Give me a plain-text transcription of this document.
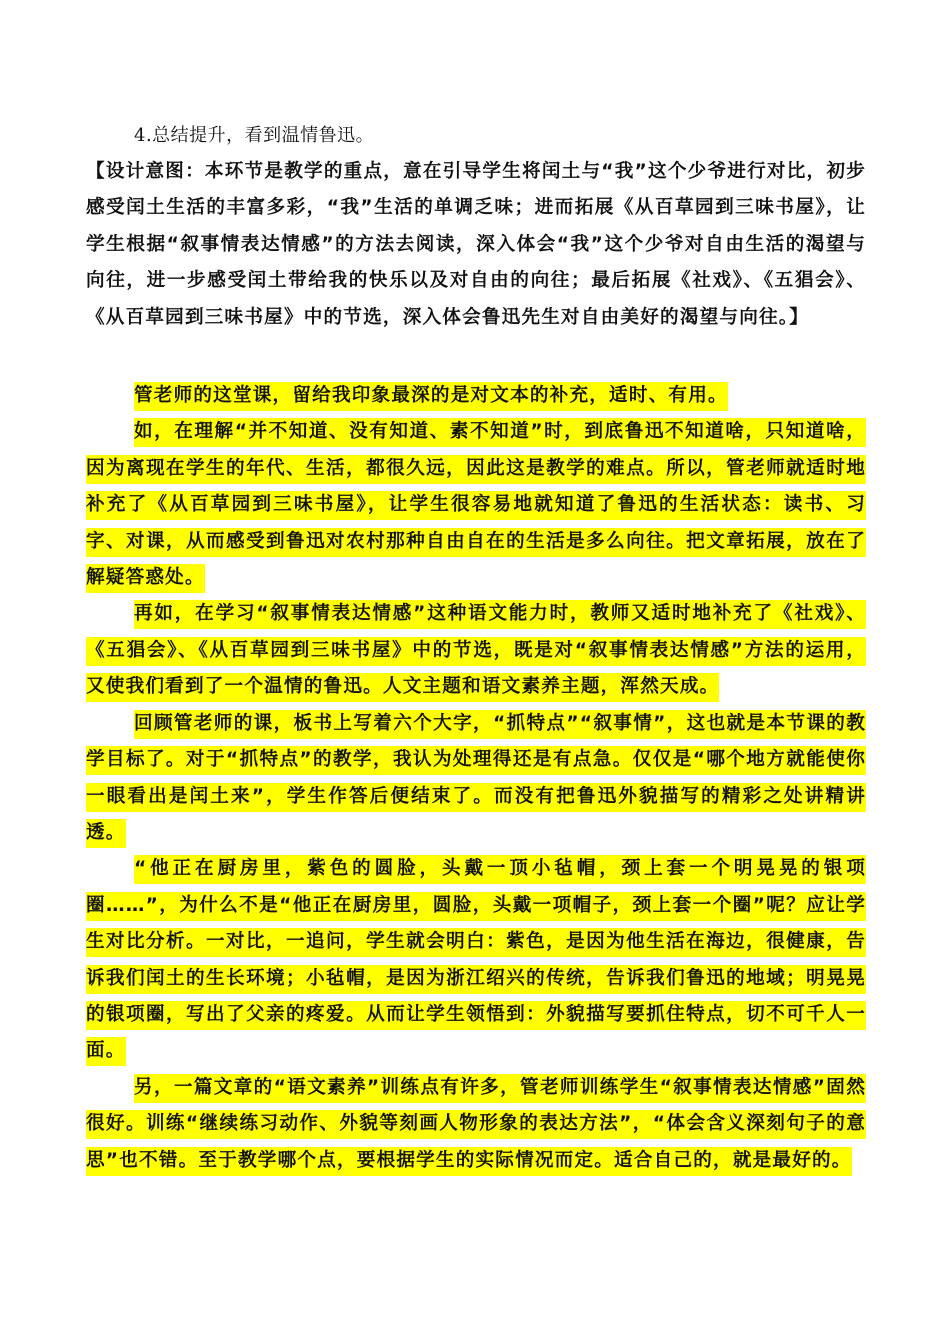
4.总结提升，看到温情鲁迅。

【设计意图：本环节是教学的重点，意在引导学生将闰土与“我”这个少爷进行对比，初步感受闰土生活的丰富多彩，“我”生活的单调乏味；进而拓展《从百草园到三味书屋》，让学生根据“叙事情表达情感”的方法去阅读，深入体会“我”这个少爷对自由生活的渴望与向往，进一步感受闰土带给我的快乐以及对自由的向往；最后拓展《社戏》、《五猖会》、《从百草园到三味书屋》中的节选，深入体会鲁迅先生对自由美好的渴望与向往。】

管老师的这堂课，留给我印象最深的是对文本的补充，适时、有用。

如，在理解“并不知道、没有知道、素不知道”时，到底鲁迅不知道啥，只知道啥，因为离现在学生的年代、生活，都很久远，因此这是教学的难点。所以，管老师就适时地补充了《从百草园到三味书屋》，让学生很容易地就知道了鲁迅的生活状态：读书、习字、对课，从而感受到鲁迅对农村那种自由自在的生活是多么向往。把文章拓展，放在了解疑答惑处。

再如，在学习“叙事情表达情感”这种语文能力时，教师又适时地补充了《社戏》、《五猖会》、《从百草园到三味书屋》中的节选，既是对“叙事情表达情感”方法的运用，又使我们看到了一个温情的鲁迅。人文主题和语文素养主题，浑然天成。

回顾管老师的课，板书上写着六个大字，“抓特点”“叙事情”，这也就是本节课的教学目标了。对于“抓特点”的教学，我认为处理得还是有点急。仅仅是“哪个地方就能使你一眼看出是闰土来”，学生作答后便结束了。而没有把鲁迅外貌描写的精彩之处讲精讲透。

“他正在厨房里，紫色的圆脸，头戴一顶小毡帽，颈上套一个明晃晃的银项圈……”，为什么不是“他正在厨房里，圆脸，头戴一项帽子，颈上套一个圈”呢？应让学生对比分析。一对比，一追问，学生就会明白：紫色，是因为他生活在海边，很健康，告诉我们闰土的生长环境；小毡帽，是因为浙江绍兴的传统，告诉我们鲁迅的地域；明晃晃的银项圈，写出了父亲的疼爱。从而让学生领悟到：外貌描写要抓住特点，切不可千人一面。

另，一篇文章的“语文素养”训练点有许多，管老师训练学生“叙事情表达情感”固然很好。训练“继续练习动作、外貌等刻画人物形象的表达方法”，“体会含义深刻句子的意思”也不错。至于教学哪个点，要根据学生的实际情况而定。适合自己的，就是最好的。
